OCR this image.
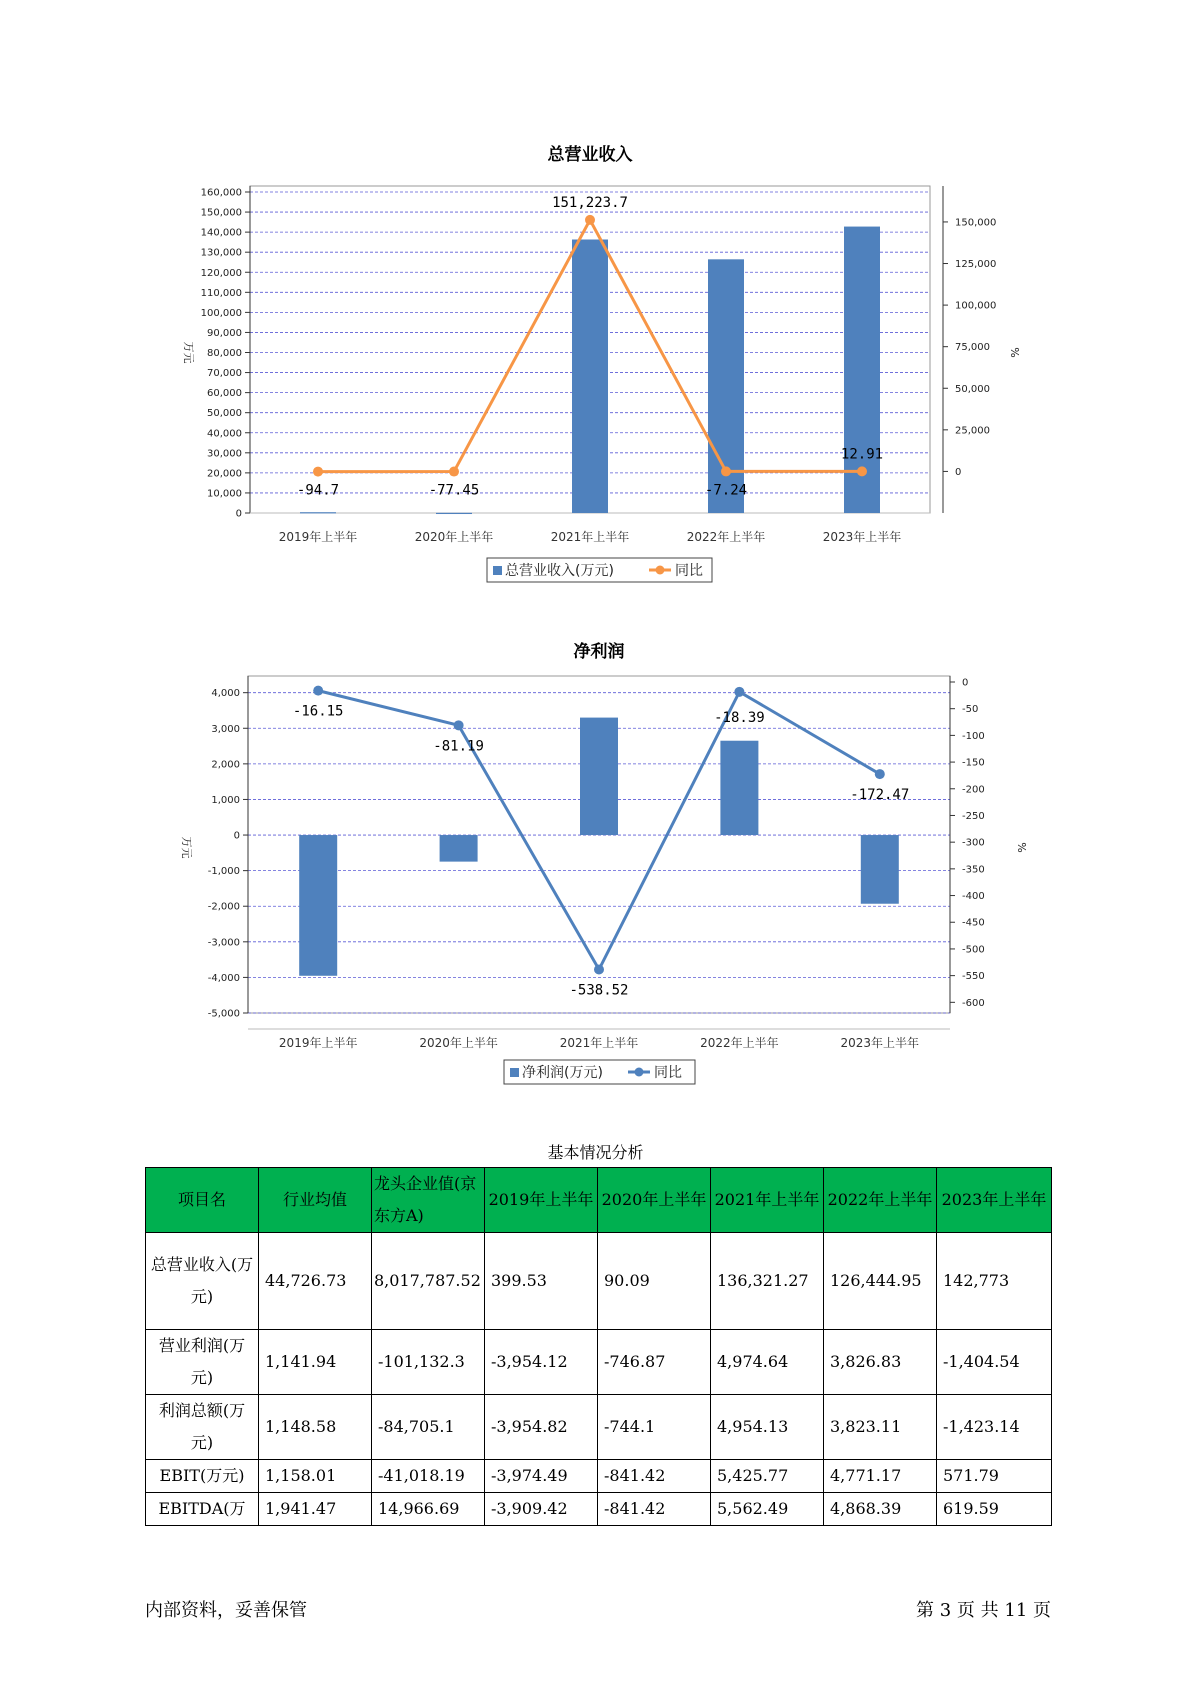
总营业收入
0
10,000
20,000
30,000
40,000
50,000
60,000
70,000
80,000
90,000
100,000
110,000
120,000
130,000
140,000
150,000
160,000
0
25,000
50,000
75,000
100,000
125,000
150,000
万元	%
2019年上半年	2020年上半年	2021年上半年	2022年上半年	2023年上半年
-94.7	-77.45
151,223.7
-7.24
12.91
总营业收入(万元)	同比
净利润
-5,000
-4,000
-3,000
-2,000
-1,000
0
1,000
2,000
3,000
4,000
0
-50
-100
-150
-200
-250
-300
-350
-400
-450
-500
-550
-600
万元	%
2019年上半年	2020年上半年	2021年上半年	2022年上半年	2023年上半年
-16.15
-81.19
-538.52
-18.39
-172.47
净利润(万元)	同比
基本情况分析
项目名	行业均值	龙头企业值(京东方A)	2019年上半年	2020年上半年	2021年上半年	2022年上半年	2023年上半年
总营业收入(万元)	44,726.73	8,017,787.52	399.53	90.09	136,321.27	126,444.95	142,773
营业利润(万元)	1,141.94	-101,132.3	-3,954.12	-746.87	4,974.64	3,826.83	-1,404.54
利润总额(万元)	1,148.58	-84,705.1	-3,954.82	-744.1	4,954.13	3,823.11	-1,423.14
EBIT(万元)	1,158.01	-41,018.19	-3,974.49	-841.42	5,425.77	4,771.17	571.79
EBITDA(万	1,941.47	14,966.69	-3,909.42	-841.42	5,562.49	4,868.39	619.59
内部资料，妥善保管	第 3 页 共 11 页
